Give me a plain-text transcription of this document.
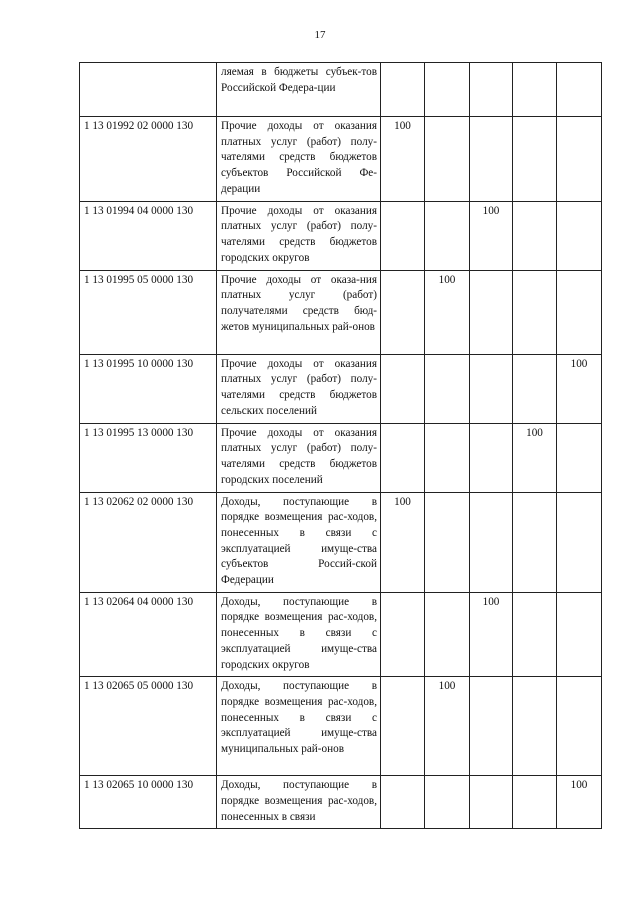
17
	ляемая в бюджеты субъек-тов Российской Федера-ции					
1 13 01992 02 0000 130	Прочие доходы от оказания платных услуг (работ) полу-чателями средств бюджетов субъектов Российской Фе-дерации	100				
1 13 01994 04 0000 130	Прочие доходы от оказания платных услуг (работ) полу-чателями средств бюджетов городских округов			100		
1 13 01995 05 0000 130	Прочие доходы от оказа-ния платных услуг (работ) получателями средств бюд-жетов муниципальных рай-онов		100			
1 13 01995 10 0000 130	Прочие доходы от оказания платных услуг (работ) полу-чателями средств бюджетов сельских поселений					100
1 13 01995 13 0000 130	Прочие доходы от оказания платных услуг (работ) полу-чателями средств бюджетов городских поселений				100	
1 13 02062 02 0000 130	Доходы, поступающие в порядке возмещения рас-ходов, понесенных в связи с эксплуатацией имуще-ства субъектов Россий-ской Федерации	100				
1 13 02064 04 0000 130	Доходы, поступающие в порядке возмещения рас-ходов, понесенных в связи с эксплуатацией имуще-ства городских округов			100		
1 13 02065 05 0000 130	Доходы, поступающие в порядке возмещения рас-ходов, понесенных в связи с эксплуатацией имуще-ства муниципальных рай-онов		100			
1 13 02065 10 0000 130	Доходы, поступающие в порядке возмещения рас-ходов, понесенных в связи					100
